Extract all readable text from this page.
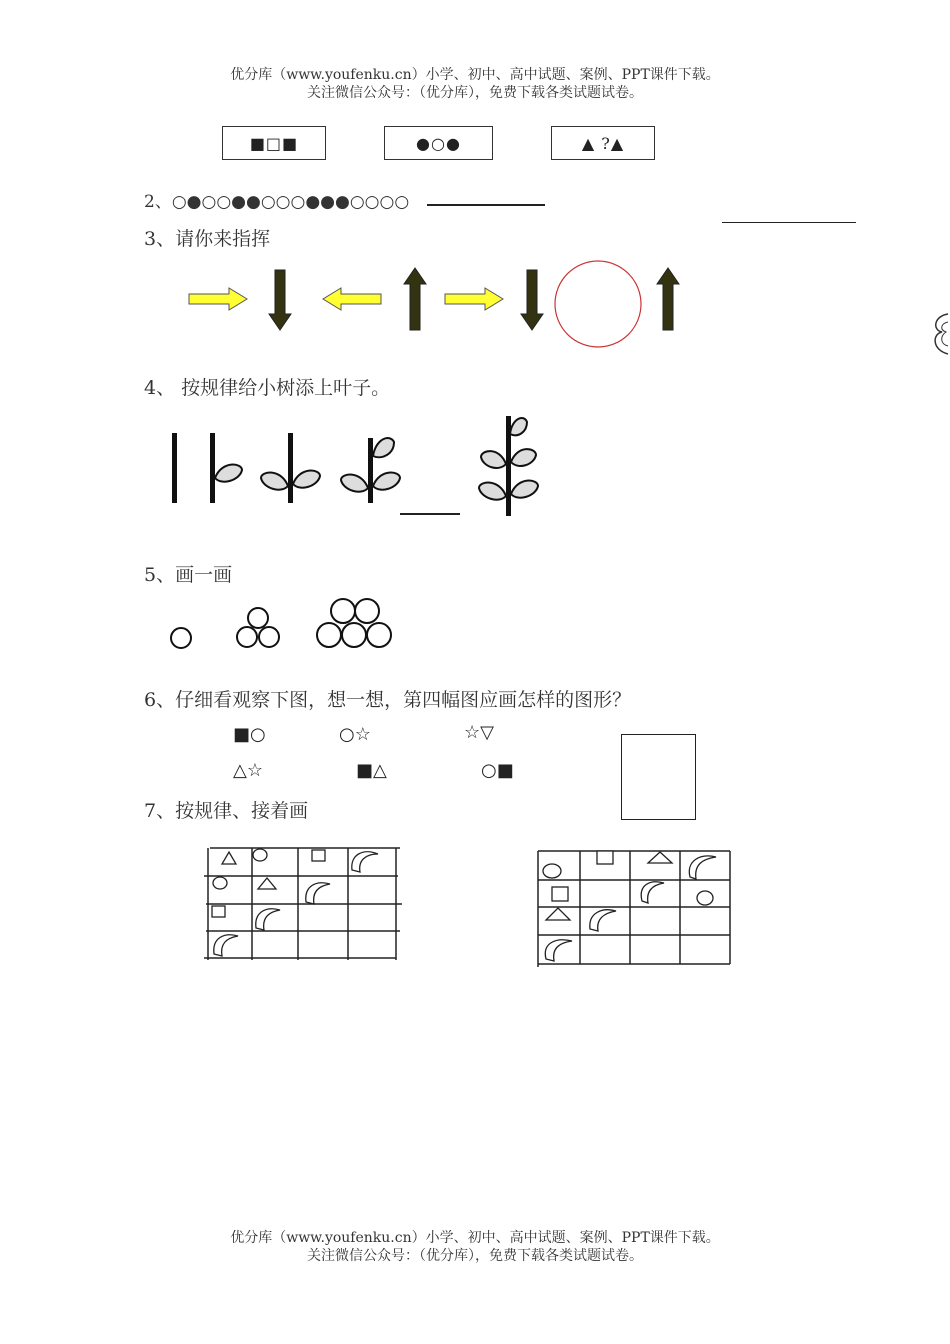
优分库（www.youfenku.cn）小学、初中、高中试题、案例、PPT课件下载。
关注微信公众号：（优分库），免费下载各类试题试卷。
■□■	●○●	▲ ?▲
2、○●○○●●○○○●●●○○○○
3、请你来指挥
4、 按规律给小树添上叶子。
5、画一画
6、仔细看观察下图，想一想，第四幅图应画怎样的图形？
■○	○☆	☆▽
△☆	■△	○■
7、按规律、接着画
优分库（www.youfenku.cn）小学、初中、高中试题、案例、PPT课件下载。
关注微信公众号：（优分库），免费下载各类试题试卷。
